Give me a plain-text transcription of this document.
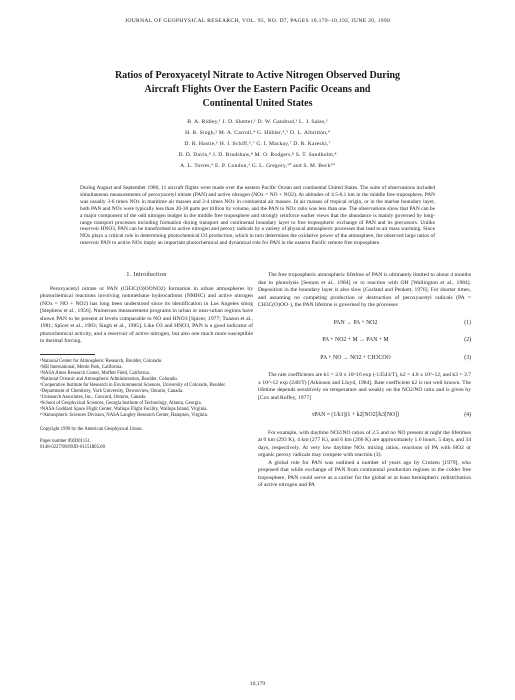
JOURNAL OF GEOPHYSICAL RESEARCH, VOL. 95, NO. D7, PAGES 10,179–10,192, JUNE 20, 1990
Ratios of Peroxyacetyl Nitrate to Active Nitrogen Observed During
Aircraft Flights Over the Eastern Pacific Oceans and
Continental United States
B. A. Ridley,¹ J. D. Shetter,¹ D. W. Gandrud,¹ L. J. Salas,²
H. B. Singh,³ M. A. Carroll,⁴ G. Hübler,⁴,⁵ D. L. Albritton,⁴
D. R. Hastie,⁶ H. I. Schiff,⁶,⁷ G. I. Mackay,⁷ D. R. Karecki,⁷
D. D. Davis,⁸ J. D. Bradshaw,⁸ M. O. Rodgers,⁸ S. T. Sandholm,⁸
A. L. Torres,⁹ E. P. Condon,³ G. L. Gregory,¹⁰ and S. M. Beck¹⁰
During August and September 1986, 11 aircraft flights were made over the eastern Pacific Ocean and continental United States. The suite of observations included simultaneous measurements of peroxyacetyl nitrate (PAN) and active nitrogen (NOx = NO + NO2). At altitudes of 4.5-6.1 km in the middle free troposphere, PAN was usually 3-6 times NOx in maritime air masses and 2-4 times NOx in continental air masses. In air masses of tropical origin, or in the marine boundary layer, both PAN and NOx were typically less than 20-30 parts per trillion by volume, and the PAN to NOx ratio was less than one. The observations show that PAN can be a major component of the odd nitrogen budget in the middle free troposphere and strongly reinforce earlier views that the abundance is mainly governed by long-range transport processes including formation during transport and continental boundary layer to free tropospheric exchange of PAN and its precursors. Unlike reservoir HNO3, PAN can be transformed to active nitrogen and peroxy radicals by a variety of physical atmospheric processes that lead to air mass warming. Since NOx plays a critical role in determining photochemical O3 production, which in turn determines the oxidative power of the atmosphere, the observed large ratios of reservoir PAN to active NOx imply an important photochemical and dynamical role for PAN in the eastern Pacific remote free troposphere.
1. Introduction

Peroxyacetyl nitrate or PAN (CH3C(O)OONO2) formation in urban atmospheres by photochemical reactions involving nonmethane hydrocarbons (NMHC) and active nitrogen (NOx = NO + NO2) has long been understood since its identification in Los Angeles smog [Stephens et al., 1956]. Numerous measurement programs in urban or near-urban regions have shown PAN to be present at levels comparable to NO and HNO3 [Spicer, 1977; Tuazon et al., 1981; Spicer et al., 1983; Singh et al., 1985]. Like O3 and HNO3, PAN is a good indicator of photochemical activity, and a reservoir of active nitrogen, but also one much more susceptible to thermal forcing.

¹National Center for Atmospheric Research, Boulder, Colorado.

²SRI International, Menlo Park, California.

³NASA Ames Research Center, Moffett Field, California.

⁴National Oceanic and Atmospheric Administration, Boulder, Colorado.

⁵Cooperative Institute for Research in Environmental Sciences, University of Colorado, Boulder.

⁶Department of Chemistry, York University, Downsview, Ontario, Canada.

⁷Unisearch Associates, Inc., Concord, Ontario, Canada.

⁸School of Geophysical Sciences, Georgia Institute of Technology, Atlanta, Georgia.

⁹NASA Goddard Space Flight Center, Wallops Flight Facility, Wallops Island, Virginia.

¹⁰Atmospheric Sciences Division, NASA Langley Research Center, Hampton, Virginia.

Copyright 1990 by the American Geophysical Union.

Paper number 89JD01151.
0148-0227/90/89JD-01151$05.00

The free tropospheric atmospheric lifetime of PAN is ultimately limited to about 4 months due to photolysis [Senum et al., 1984] or to reaction with OH [Wallington et al., 1984]. Deposition in the boundary layer is also slow [Garland and Penkett, 1976]. For shorter times, and assuming no competing production or destruction of peroxyacetyl radicals (PA = CH3C(O)OO·), the PAN lifetime is governed by the processes

PAN → PA + NO2	(1)
PA + NO2 + M → PAN + M	(2)
PA + NO → NO2 + CH3COO	(3)

The rate coefficients are k1 = 2.0 x 10^16 exp (-13543/T), k2 = 4.8 x 10^-12, and k3 = 3.7 x 10^-12 exp (240/T) [Atkinson and Lloyd, 1984]. Rate coefficient k2 is not well known. The lifetime depends sensitively on temperature and weakly on the NO2/NO ratio and is given by [Cox and Roffey, 1977]

τPAN = (1/k1)(1 + k2[NO2]/k3[NO])	(4)

For example, with daytime NO2/NO ratios of 2.5 and no NO present at night the lifetimes at 0 km (293 K), 4 km (277 K), and 6 km (266 K) are approximately 1.6 hours, 5 days, and 34 days, respectively. At very low daytime NOx mixing ratios, reactions of PA with HO2 or organic peroxy radicals may compete with reaction (3).

A global role for PAN was outlined a number of years ago by Crutzen [1979], who proposed that while exchange of PAN from continental production regions to the colder free troposphere, PAN could serve as a carrier for the global or at least hemispheric redistribution of active nitrogen and PA

10,179
